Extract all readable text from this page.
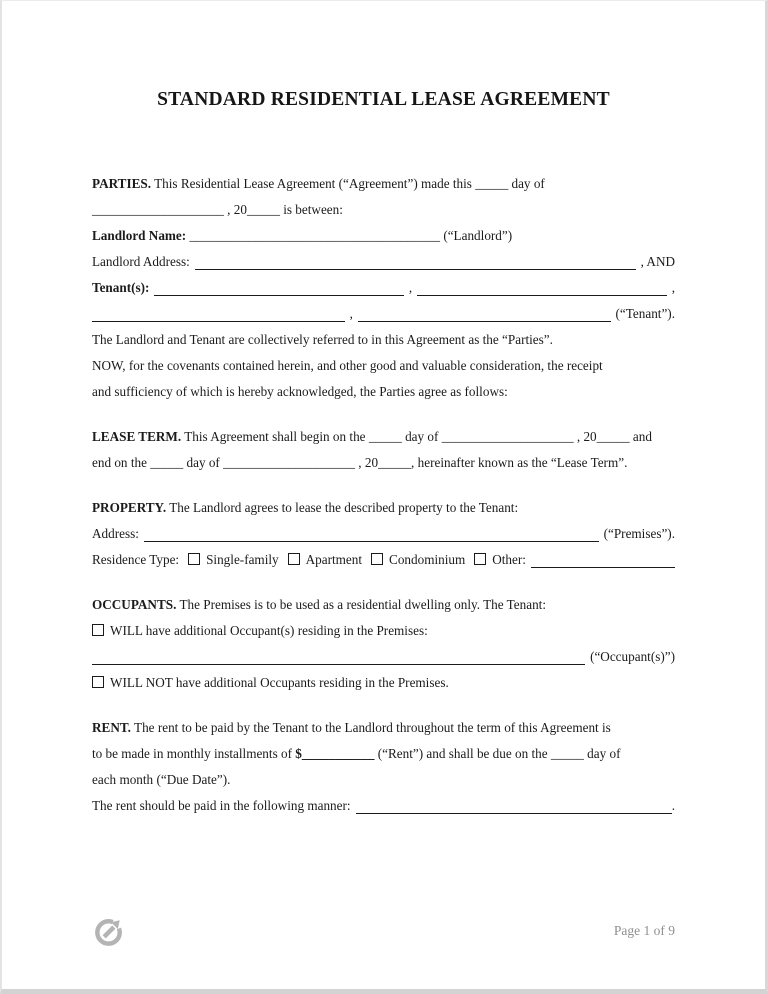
STANDARD RESIDENTIAL LEASE AGREEMENT
PARTIES. This Residential Lease Agreement (“Agreement”) made this _____ day of
____________________ , 20_____ is between:
Landlord Name: ______________________________________ (“Landlord”)
Landlord Address:	, AND
Tenant(s):	,	,
,	(“Tenant”).
The Landlord and Tenant are collectively referred to in this Agreement as the “Parties”.
NOW, for the covenants contained herein, and other good and valuable consideration, the receipt
and sufficiency of which is hereby acknowledged, the Parties agree as follows:
LEASE TERM. This Agreement shall begin on the _____ day of ____________________ , 20_____ and
end on the _____ day of ____________________ , 20_____, hereinafter known as the “Lease Term”.
PROPERTY. The Landlord agrees to lease the described property to the Tenant:
Address:	(“Premises”).
Residence Type:	Single-family	Apartment	Condominium	Other:
OCCUPANTS. The Premises is to be used as a residential dwelling only. The Tenant:
WILL have additional Occupant(s) residing in the Premises:
(“Occupant(s)”)
WILL NOT have additional Occupants residing in the Premises.
RENT. The rent to be paid by the Tenant to the Landlord throughout the term of this Agreement is
to be made in monthly installments of $___________ (“Rent”) and shall be due on the _____ day of
each month (“Due Date”).
The rent should be paid in the following manner:	.
Page 1 of 9
